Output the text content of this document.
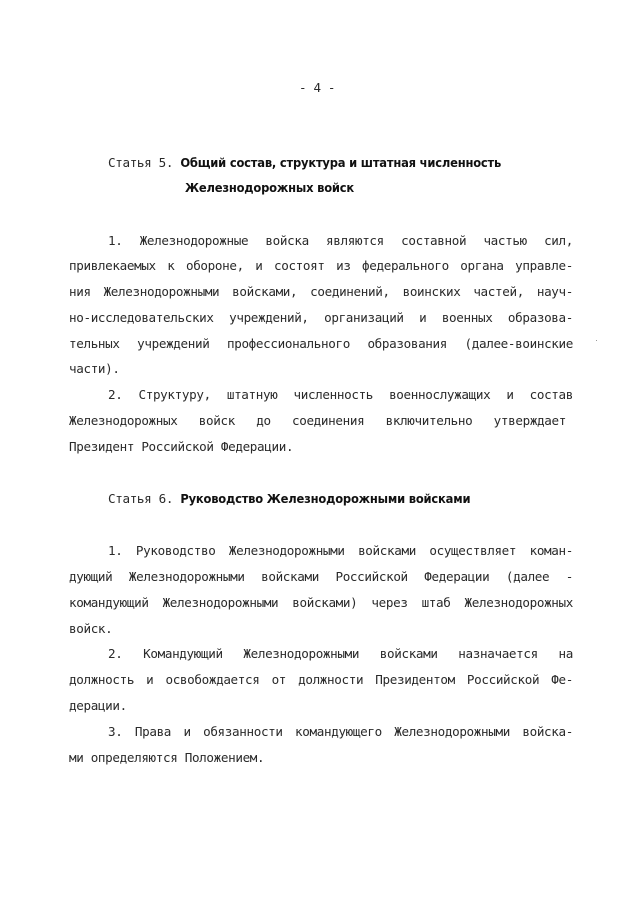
- 4 -
Статья 5. Общий состав, структура и штатная численность
Железнодорожных войск
1. Железнодорожные войска являются составной частью сил,
привлекаемых к обороне, и состоят из федерального органа управле-
ния Железнодорожными войсками, соединений, воинских частей, науч-
но-исследовательских учреждений, организаций и военных образова-
тельных учреждений профессионального образования (далее-воинские
части).
2. Структуру, штатную численность военнослужащих и состав
Железнодорожных войск до соединения включительно утверждает
Президент Российской Федерации.
Статья 6. Руководство Железнодорожными войсками
1. Руководство Железнодорожными войсками осуществляет коман-
дующий Железнодорожными войсками Российской Федерации (далее -
командующий Железнодорожными войсками) через штаб Железнодорожных
войск.
2. Командующий Железнодорожными войсками назначается на
должность и освобождается от должности Президентом Российской Фе-
дерации.
3. Права и обязанности командующего Железнодорожными войска-
ми определяются Положением.
